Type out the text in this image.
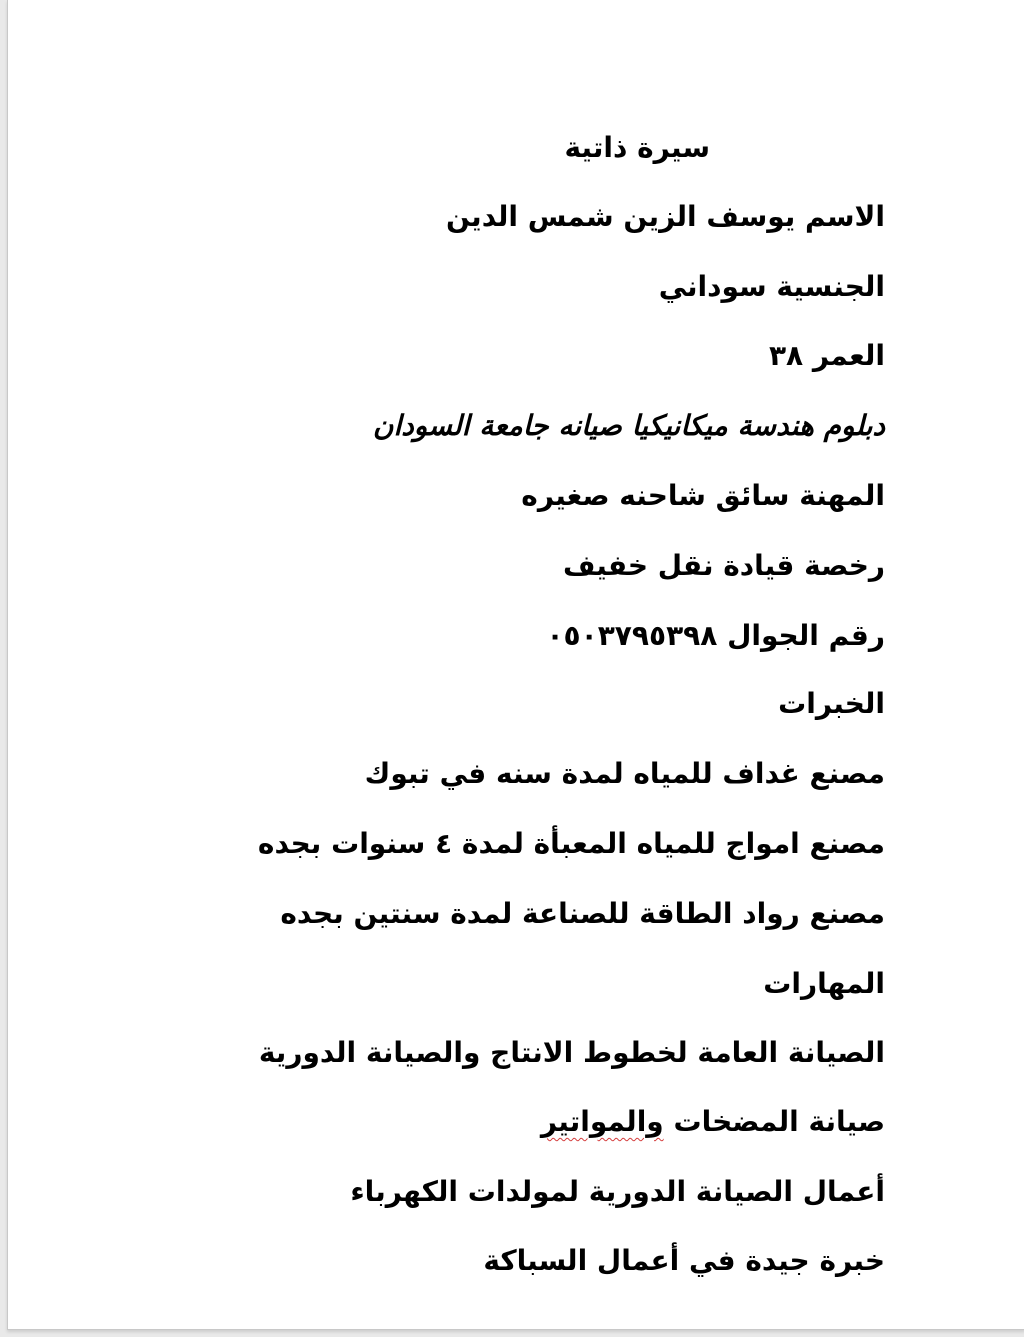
سيرة ذاتية
الاسم يوسف الزين شمس الدين
الجنسية سوداني
العمر ٣٨
دبلوم هندسة ميكانيكيا صيانه جامعة السودان
المهنة سائق شاحنه صغيره
رخصة قيادة نقل خفيف
رقم الجوال ٠٥٠٣٧٩٥٣٩٨
الخبرات
مصنع غداف للمياه لمدة سنه في تبوك
مصنع امواج للمياه المعبأة لمدة ٤ سنوات بجده
مصنع رواد الطاقة للصناعة لمدة سنتين بجده
المهارات
الصيانة العامة لخطوط الانتاج والصيانة الدورية
صيانة المضخات والمواتير
أعمال الصيانة الدورية لمولدات الكهرباء
خبرة جيدة في أعمال السباكة
